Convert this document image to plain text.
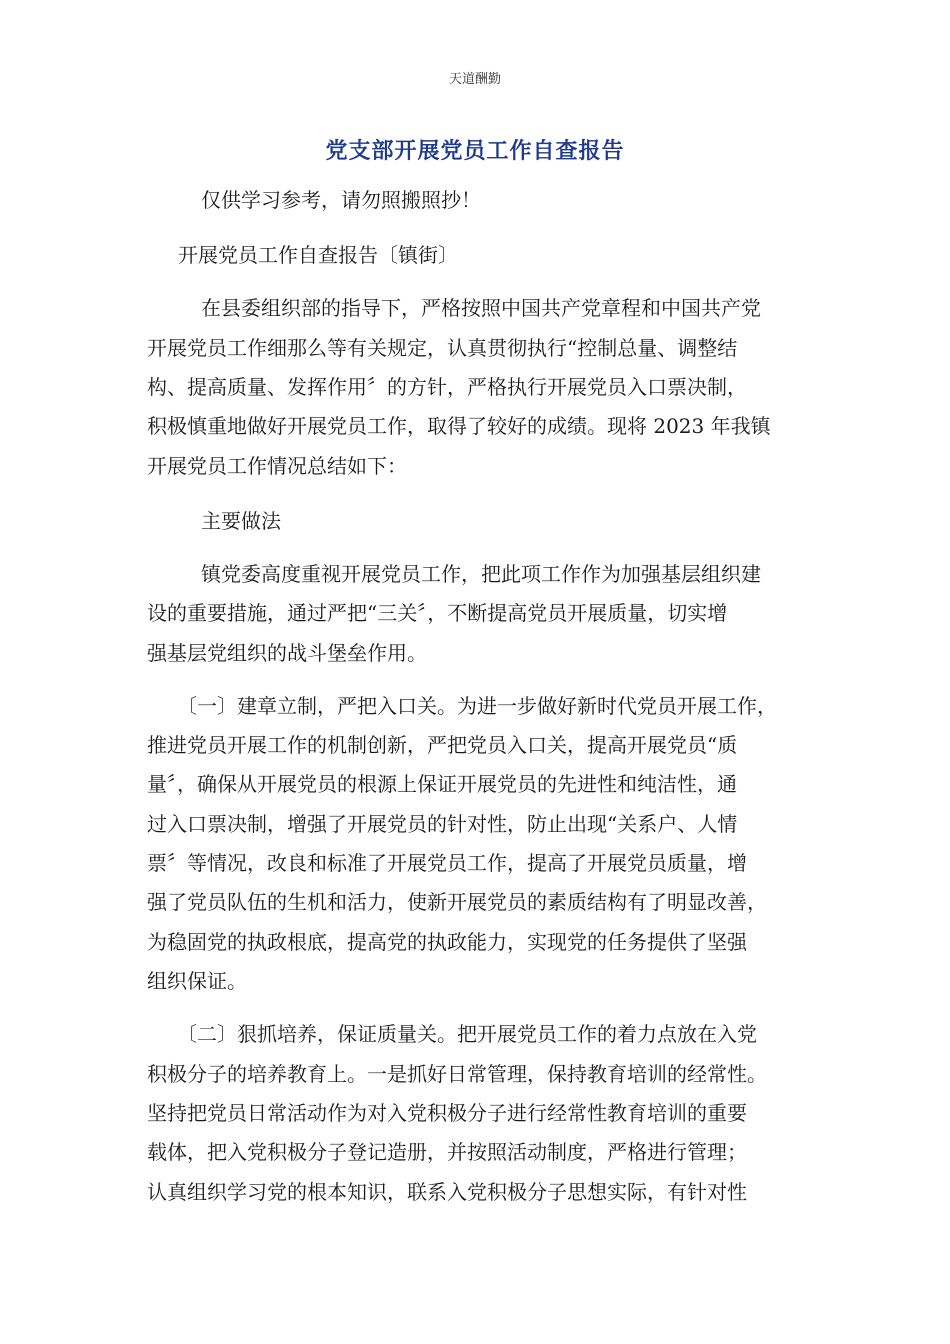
天道酬勤
党支部开展党员工作自查报告
仅供学习参考，请勿照搬照抄！
开展党员工作自查报告〔镇街〕
在县委组织部的指导下，严格按照中国共产党章程和中国共产党
开展党员工作细那么等有关规定，认真贯彻执行“控制总量、调整结
构、提高质量、发挥作用〞的方针，严格执行开展党员入口票决制，
积极慎重地做好开展党员工作，取得了较好的成绩。现将 2023 年我镇
开展党员工作情况总结如下：
主要做法
镇党委高度重视开展党员工作，把此项工作作为加强基层组织建
设的重要措施，通过严把“三关〞，不断提高党员开展质量，切实增
强基层党组织的战斗堡垒作用。
〔一〕建章立制，严把入口关。为进一步做好新时代党员开展工作，
推进党员开展工作的机制创新，严把党员入口关，提高开展党员“质
量〞，确保从开展党员的根源上保证开展党员的先进性和纯洁性，通
过入口票决制，增强了开展党员的针对性，防止出现“关系户、人情
票〞等情况，改良和标准了开展党员工作，提高了开展党员质量，增
强了党员队伍的生机和活力，使新开展党员的素质结构有了明显改善，
为稳固党的执政根底，提高党的执政能力，实现党的任务提供了坚强
组织保证。
〔二〕狠抓培养，保证质量关。把开展党员工作的着力点放在入党
积极分子的培养教育上。一是抓好日常管理，保持教育培训的经常性。
坚持把党员日常活动作为对入党积极分子进行经常性教育培训的重要
载体，把入党积极分子登记造册，并按照活动制度，严格进行管理；
认真组织学习党的根本知识，联系入党积极分子思想实际，有针对性
